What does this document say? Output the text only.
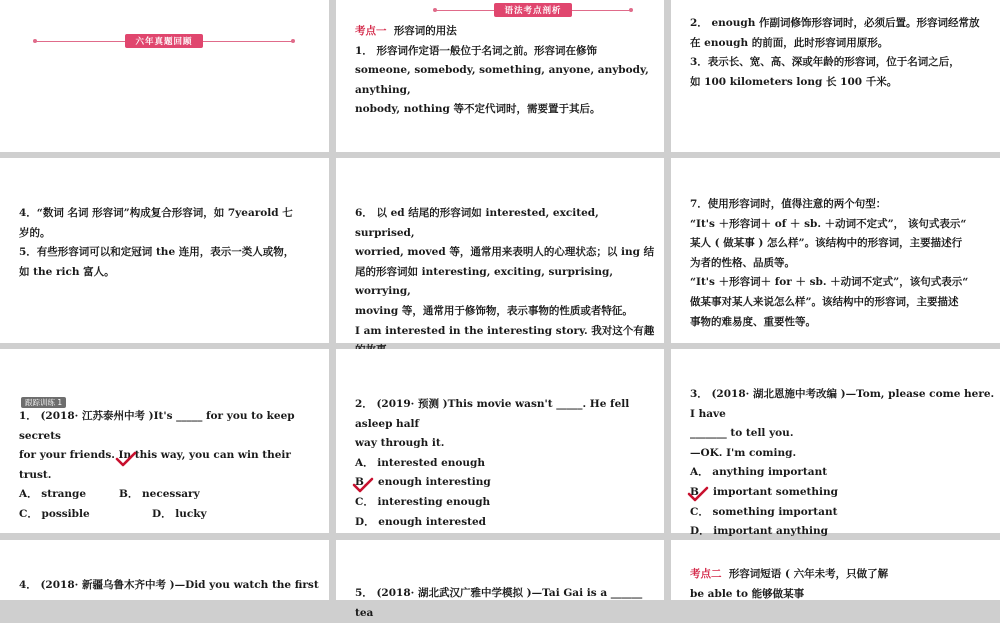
六年真题回顾
语法考点剖析

考点一 形容词的用法

1． 形容词作定语一般位于名词之前。形容词在修饰

someone, somebody, something, anyone, anybody, anything,

nobody, nothing 等不定代词时，需要置于其后。

2． enough 作副词修饰形容词时，必须后置。形容词经常放

在 enough 的前面，此时形容词用原形。

3．表示长、宽、高、深或年龄的形容词，位于名词之后，

如 100 kilometers long 长 100 千米。

4．“数词 名词 形容词”构成复合形容词，如 7yearold 七

岁的。

5．有些形容词可以和定冠词 the 连用，表示一类人或物，

如 the rich 富人。

6． 以 ed 结尾的形容词如 interested, excited, surprised,

worried, moved 等，通常用来表明人的心理状态；以 ing 结

尾的形容词如 interesting, exciting, surprising, worrying,

moving 等，通常用于修饰物，表示事物的性质或者特征。

I am interested in the interesting story. 我对这个有趣

7．使用形容词时，值得注意的两个句型：

“It's ＋形容词＋ of ＋ sb. ＋动词不定式”， 该句式表示“

某人 ( 做某事 ) 怎么样”。该结构中的形容词，主要描述行

为者的性格、品质等。

“It's ＋形容词＋ for ＋ sb. ＋动词不定式”，该句式表示“

做某事对某人来说怎么样”。该结构中的形容词，主要描述

事物的难易度、重要性等。

跟踪训练 1

1． (2018· 江苏泰州中考 )It's _____ for you to keep secrets

for your friends. In this way, you can win their trust.

A． strange	B． necessary
C． possible	D． lucky

2． (2019· 预测 )This movie wasn't _____. He fell asleep half

way through it.

A． interested enough

B． enough interesting

C． interesting enough

D． enough interested

3． (2018· 湖北恩施中考改编 )—Tom, please come here. I have

_______ to tell you.

—OK. I'm coming.

A． anything important

B． important something

C． something important

D． important anything

4． (2018· 新疆乌鲁木齐中考 )—Did you watch the first

5． (2018· 湖北武汉广雅中学模拟 )—Tai Gai is a ______ tea

考点二 形容词短语 ( 六年未考，只做了解

be able to 能够做某事
